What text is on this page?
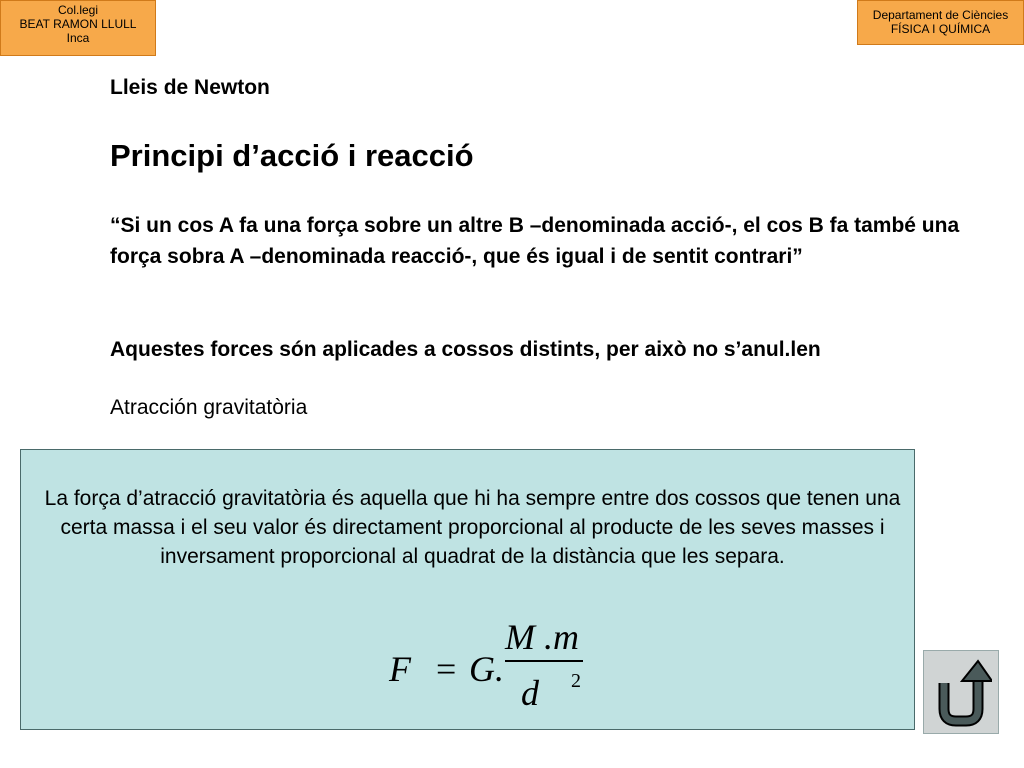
Col.legi
BEAT RAMON LLULL
Inca
Departament de Ciències
FÍSICA I QUÍMICA
Lleis de Newton
Principi d’acció i reacció
“Si un cos A fa una força sobre un altre B –denominada acció-, el cos B fa també una força sobra A –denominada reacció-, que és igual i de sentit contrari”
Aquestes forces són aplicades a cossos distints, per això no s’anul.len
Atracción gravitatòria
La força d’atracció gravitatòria és aquella que hi ha sempre entre dos cossos que tenen una certa massa i el seu valor és directament proporcional al producte de les seves masses i inversament proporcional al quadrat de la distància que les separa.
F = G.
M .m
d 2
